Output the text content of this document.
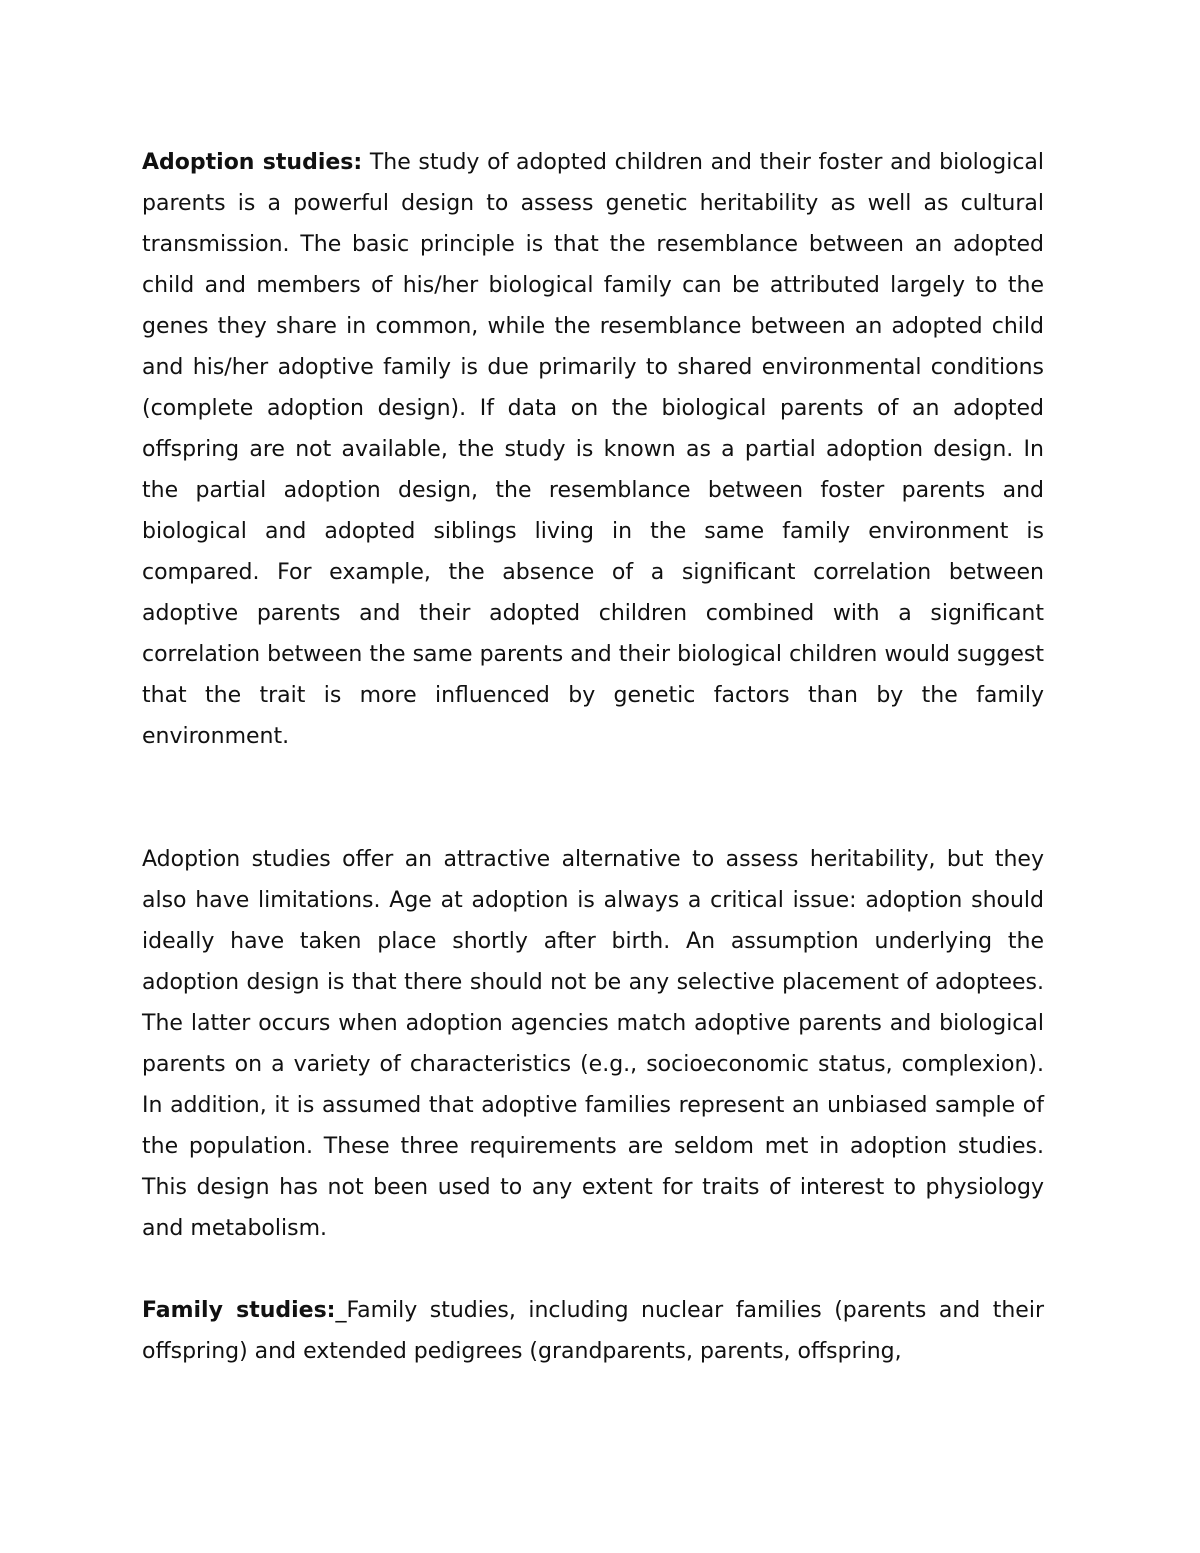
Adoption studies: The study of adopted children and their foster and biological parents is a powerful design to assess genetic heritability as well as cultural transmission. The basic principle is that the resemblance between an adopted child and members of his/her biological family can be attributed largely to the genes they share in common, while the resemblance between an adopted child and his/her adoptive family is due primarily to shared environmental conditions (complete adoption design). If data on the biological parents of an adopted offspring are not available, the study is known as a partial adoption design. In the partial adoption design, the resemblance between foster parents and biological and adopted siblings living in the same family environment is compared. For example, the absence of a significant correlation between adoptive parents and their adopted children combined with a significant correlation between the same parents and their biological children would suggest that the trait is more influenced by genetic factors than by the family environment.

Adoption studies offer an attractive alternative to assess heritability, but they also have limitations. Age at adoption is always a critical issue: adoption should ideally have taken place shortly after birth. An assumption underlying the adoption design is that there should not be any selective placement of adoptees. The latter occurs when adoption agencies match adoptive parents and biological parents on a variety of characteristics (e.g., socioeconomic status, complexion). In addition, it is assumed that adoptive families represent an unbiased sample of the population. These three requirements are seldom met in adoption studies. This design has not been used to any extent for traits of interest to physiology and metabolism.

Family studies:_Family studies, including nuclear families (parents and their offspring) and extended pedigrees (grandparents, parents, offspring,
